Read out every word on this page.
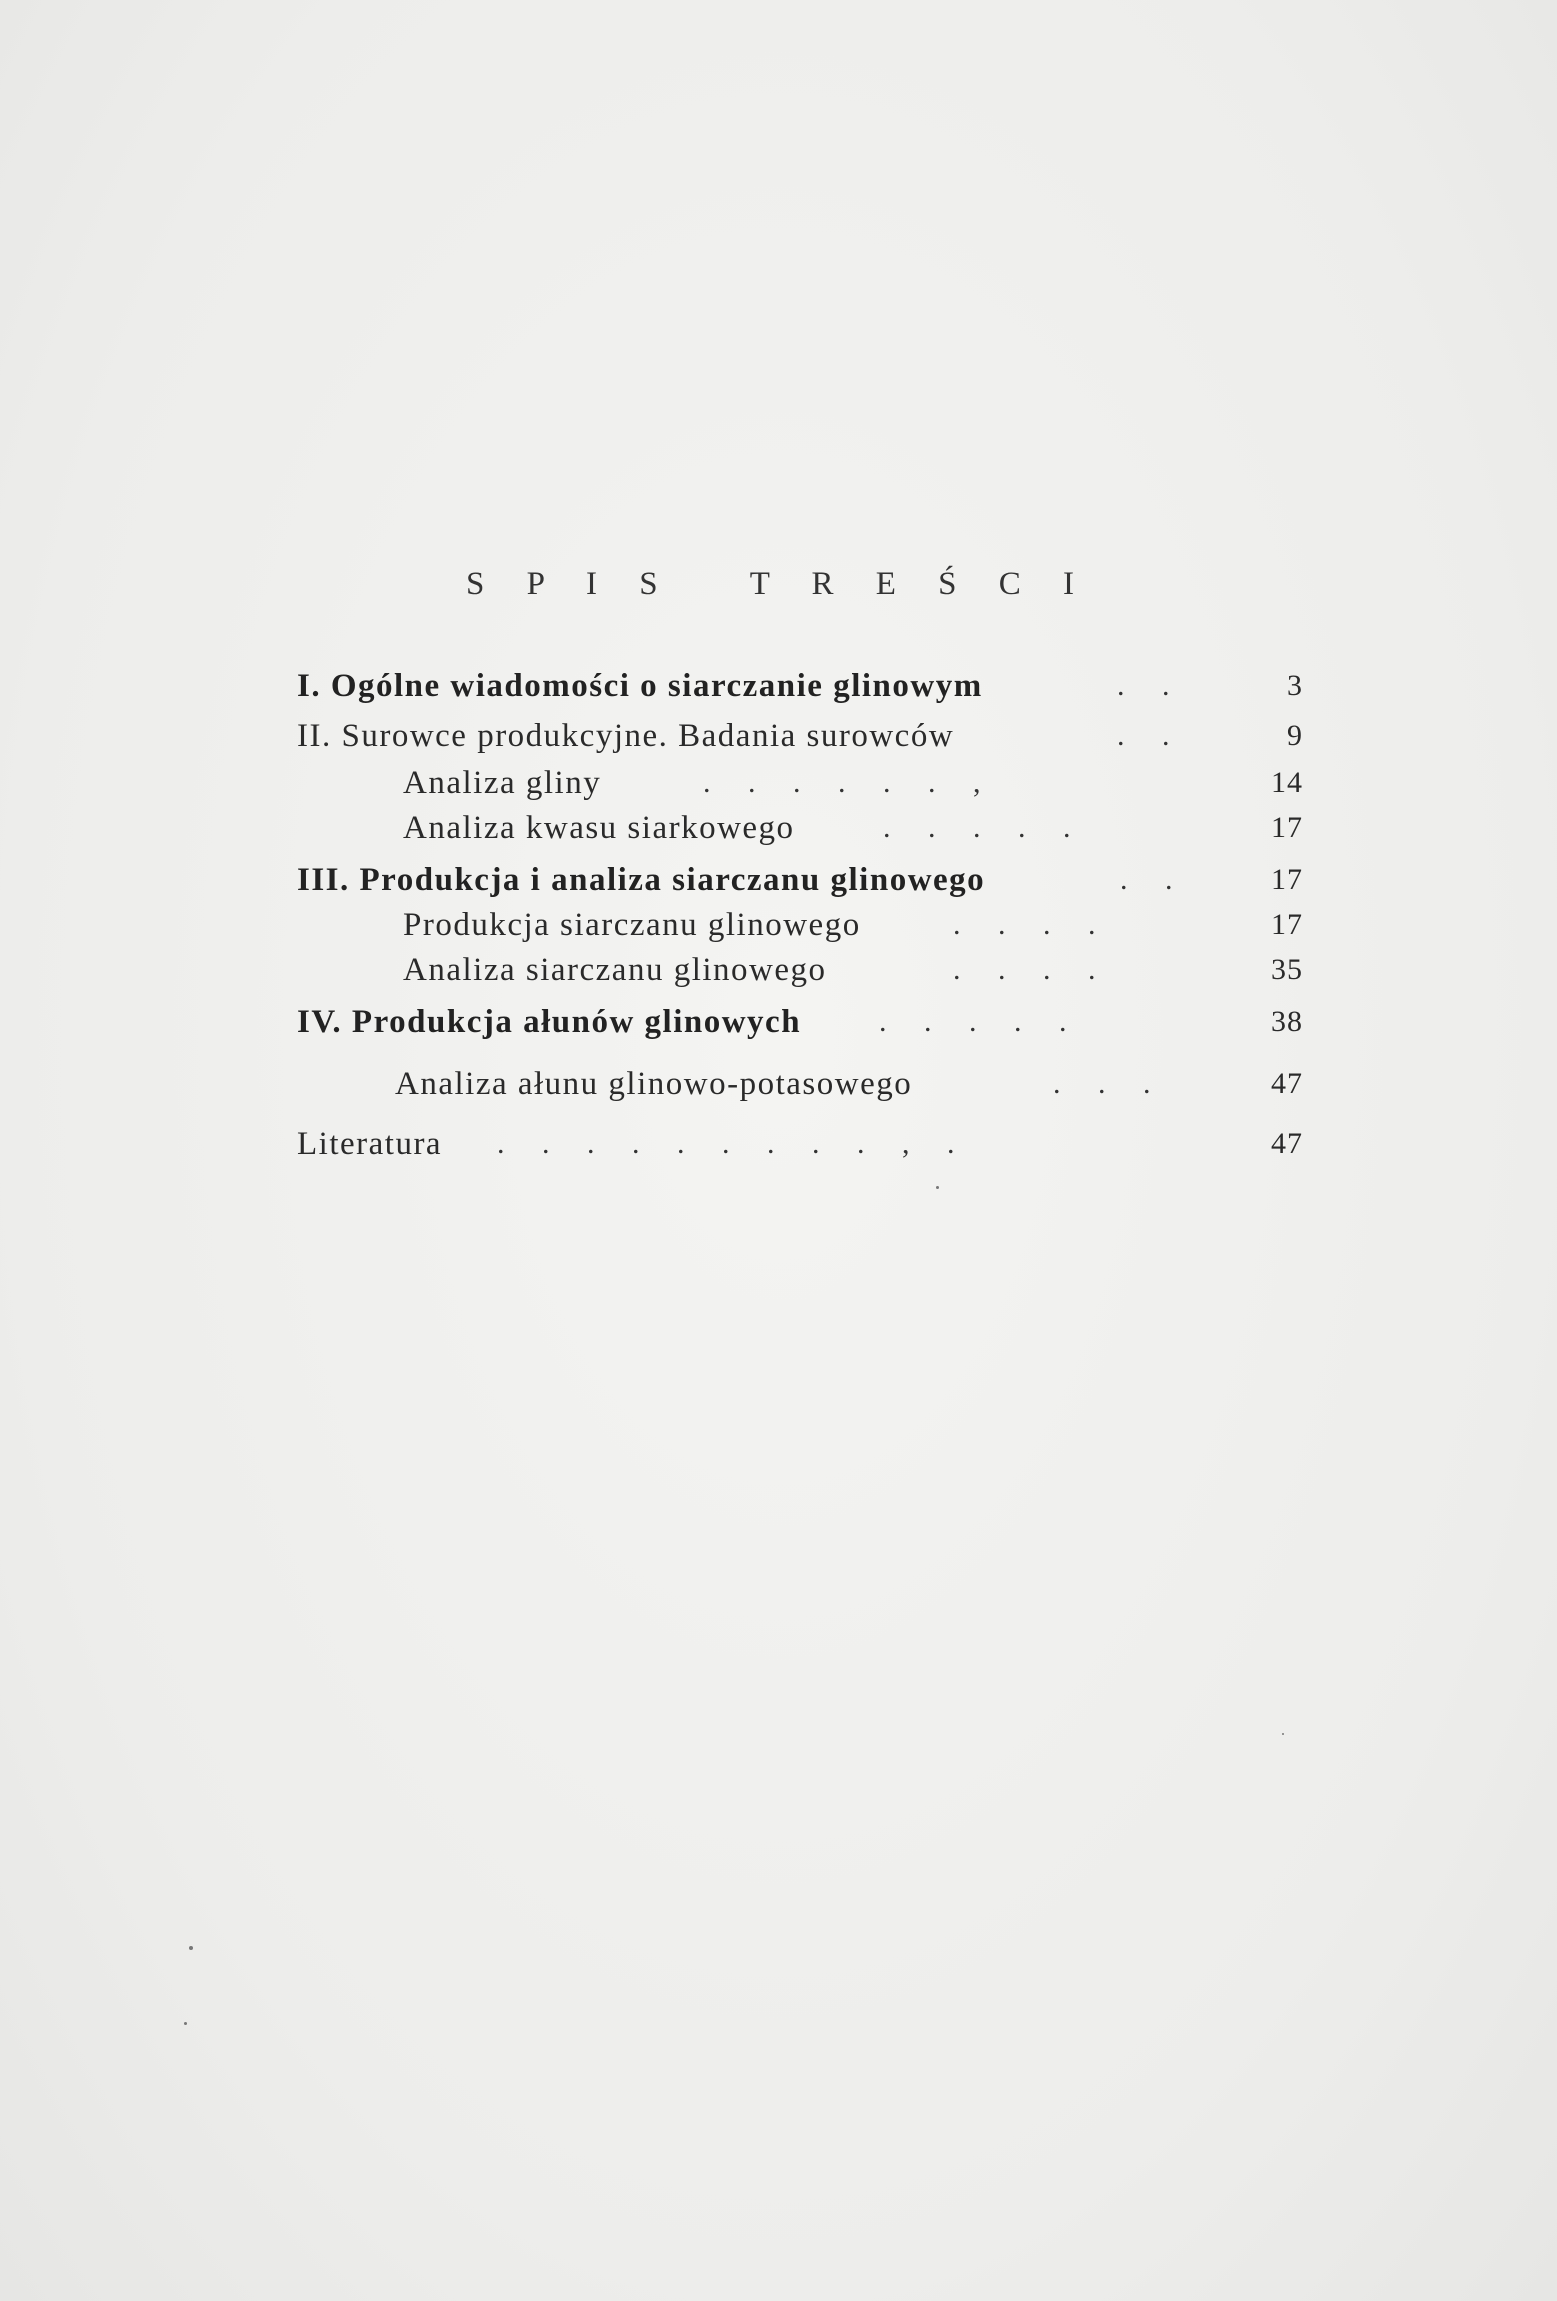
S P I S   T R E Ś C I
I. Ogólne wiadomości o siarczanie glinowym	.     .	3
II. Surowce produkcyjne. Badania surowców	.     .	9
Analiza gliny	.     .     .     .     .     .     ,	14
Analiza kwasu siarkowego	.     .     .     .     .	17
III. Produkcja i analiza siarczanu glinowego	.     .	17
Produkcja siarczanu glinowego	.     .     .     .	17
Analiza siarczanu glinowego	.     .     .     .	35
IV. Produkcja ałunów glinowych	.     .     .     .     .	38
Analiza ałunu glinowo-potasowego	.     .     .	47
Literatura .     .     .     .     .     .     .     .     .     ,     .	47
